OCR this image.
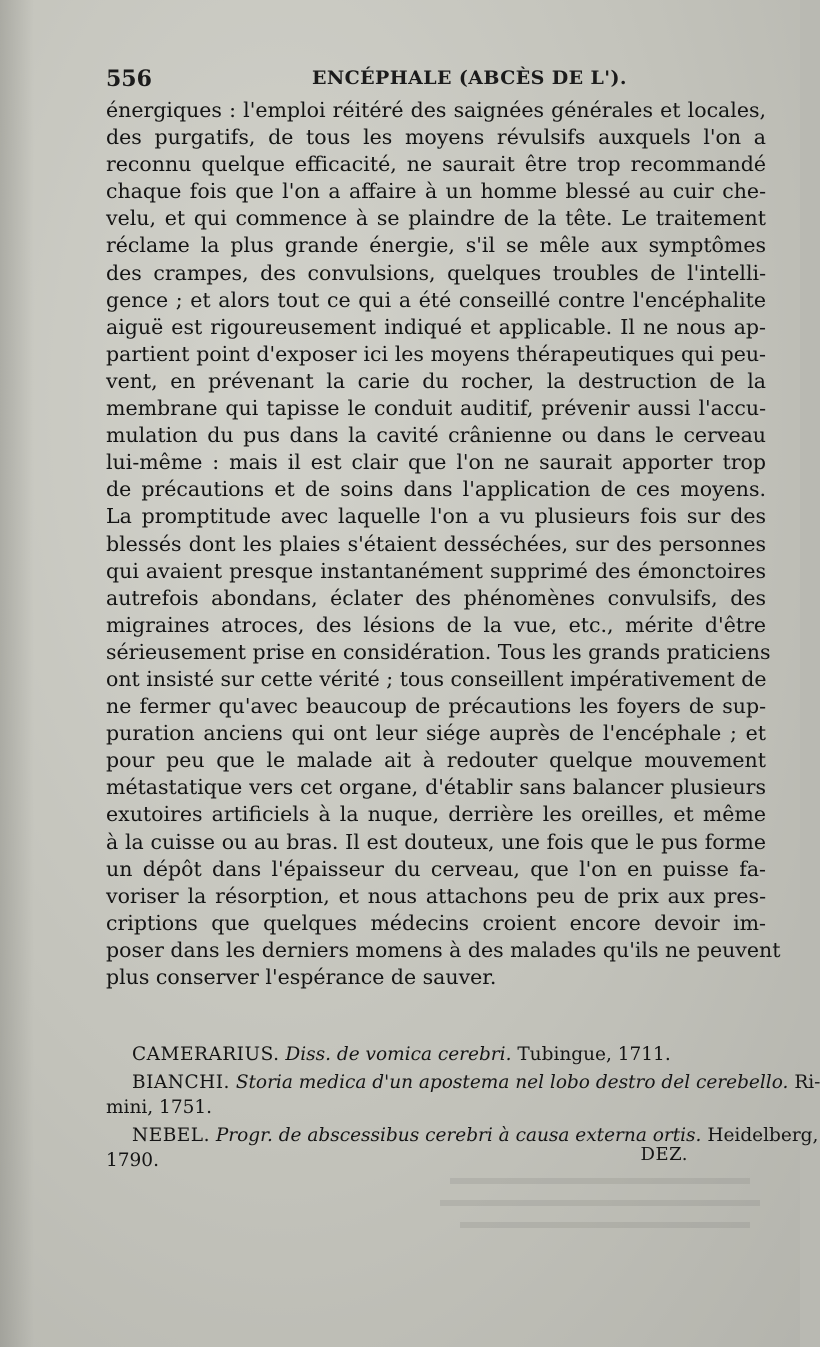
556	ENCÉPHALE (ABCÈS DE L').
énergiques : l'emploi réitéré des saignées générales et locales,
des purgatifs, de tous les moyens révulsifs auxquels l'on a
reconnu quelque efficacité, ne saurait être trop recommandé
chaque fois que l'on a affaire à un homme blessé au cuir che-
velu, et qui commence à se plaindre de la tête. Le traitement
réclame la plus grande énergie, s'il se mêle aux symptômes
des crampes, des convulsions, quelques troubles de l'intelli-
gence ; et alors tout ce qui a été conseillé contre l'encéphalite
aiguë est rigoureusement indiqué et applicable. Il ne nous ap-
partient point d'exposer ici les moyens thérapeutiques qui peu-
vent, en prévenant la carie du rocher, la destruction de la
membrane qui tapisse le conduit auditif, prévenir aussi l'accu-
mulation du pus dans la cavité crânienne ou dans le cerveau
lui-même : mais il est clair que l'on ne saurait apporter trop
de précautions et de soins dans l'application de ces moyens.
La promptitude avec laquelle l'on a vu plusieurs fois sur des
blessés dont les plaies s'étaient desséchées, sur des personnes
qui avaient presque instantanément supprimé des émonctoires
autrefois abondans, éclater des phénomènes convulsifs, des
migraines atroces, des lésions de la vue, etc., mérite d'être
sérieusement prise en considération. Tous les grands praticiens
ont insisté sur cette vérité ; tous conseillent impérativement de
ne fermer qu'avec beaucoup de précautions les foyers de sup-
puration anciens qui ont leur siége auprès de l'encéphale ; et
pour peu que le malade ait à redouter quelque mouvement
métastatique vers cet organe, d'établir sans balancer plusieurs
exutoires artificiels à la nuque, derrière les oreilles, et même
à la cuisse ou au bras. Il est douteux, une fois que le pus forme
un dépôt dans l'épaisseur du cerveau, que l'on en puisse fa-
voriser la résorption, et nous attachons peu de prix aux pres-
criptions que quelques médecins croient encore devoir im-
poser dans les derniers momens à des malades qu'ils ne peuvent
plus conserver l'espérance de sauver.
CAMERARIUS. Diss. de vomica cerebri. Tubingue, 1711.
BIANCHI. Storia medica d'un apostema nel lobo destro del cerebello. Ri-
mini, 1751.
NEBEL. Progr. de abscessibus cerebri à causa externa ortis. Heidelberg,
1790.	DEZ.
